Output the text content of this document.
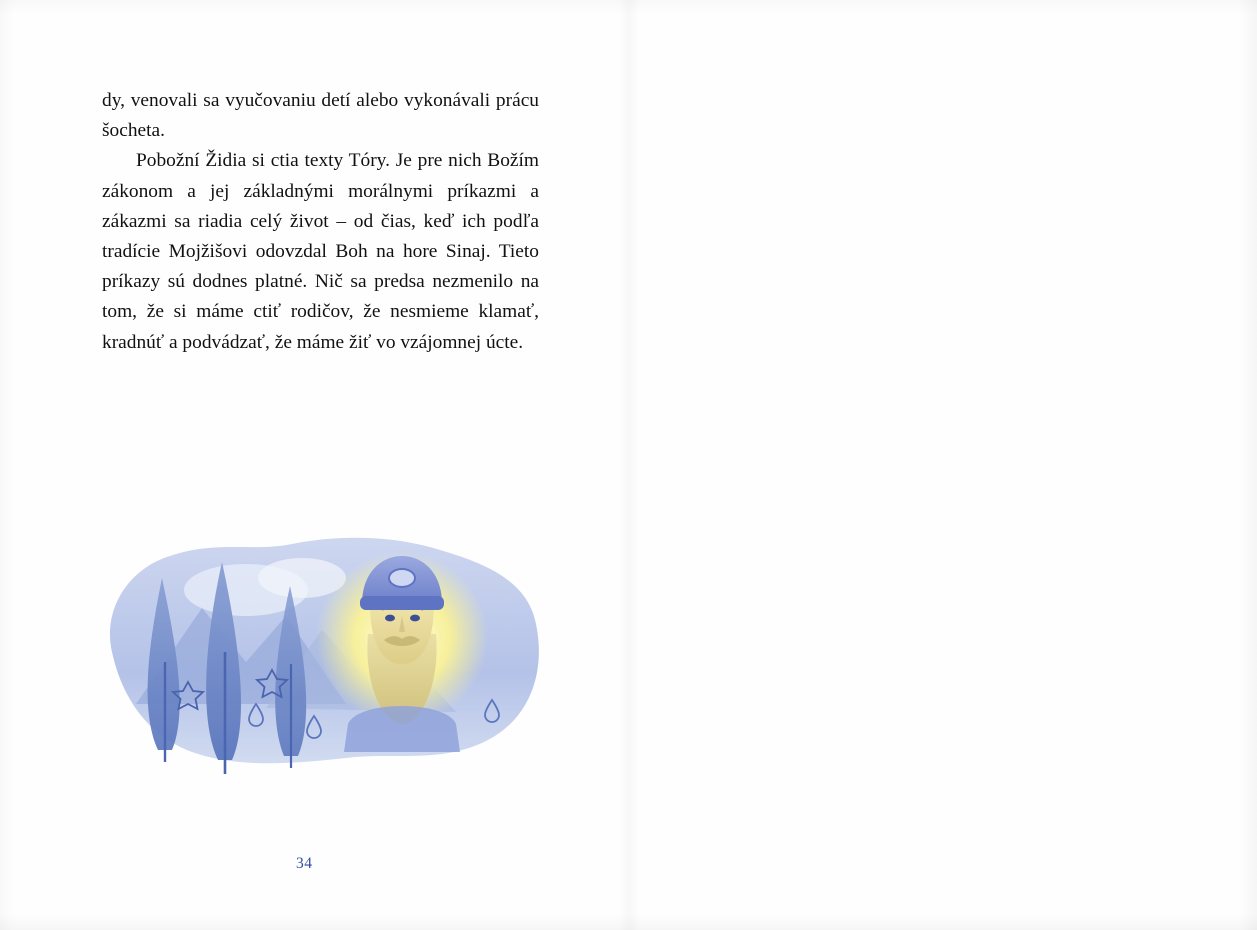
dy, venovali sa vyučovaniu detí alebo vykonávali prácu šocheta.

Pobožní Židia si ctia texty Tóry. Je pre nich Božím zákonom a jej základnými morálnymi príkazmi a zákazmi sa riadia celý život – od čias, keď ich podľa tradície Mojžišovi odovzdal Boh na hore Sinaj. Tieto príkazy sú dodnes platné. Nič sa predsa nezmenilo na tom, že si máme ctiť rodičov, že nesmieme klamať, kradnúť a podvádzať, že máme žiť vo vzájomnej úcte.

34
